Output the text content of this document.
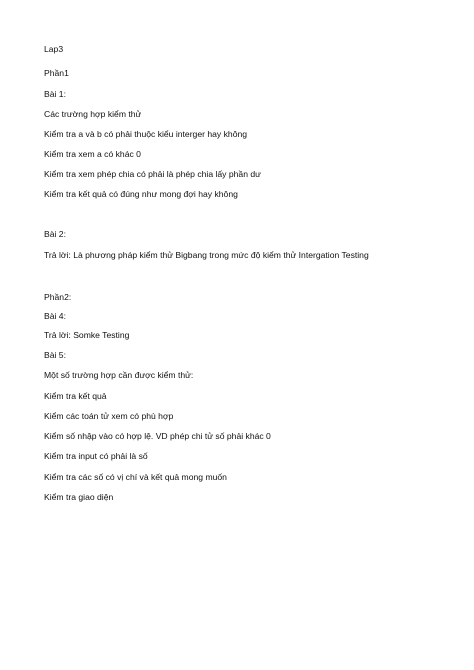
Lap3
Phần1
Bài 1:
Các trường hợp kiểm thử
Kiểm tra a và b có phải thuộc kiểu interger hay không
Kiểm tra xem a có khác 0
Kiểm tra xem phép chia có phải là phép chia lấy phần dư
Kiểm tra kết quả có đúng như mong đợi hay không
Bài 2:
Trả lời: Là phương pháp kiểm thử Bigbang trong mức độ kiểm thử Intergation Testing
Phần2:
Bài 4:
Trả lời: Somke Testing
Bài 5:
Một số trường hợp cần được kiểm thử:
Kiểm tra kết quả
Kiểm các toán tử xem có phù hợp
Kiểm số nhập vào có hợp lệ. VD phép chi tử số phải khác 0
Kiểm tra input có phải là số
Kiểm tra các số có vị chí và kết quả mong muốn
Kiểm tra giao diện
